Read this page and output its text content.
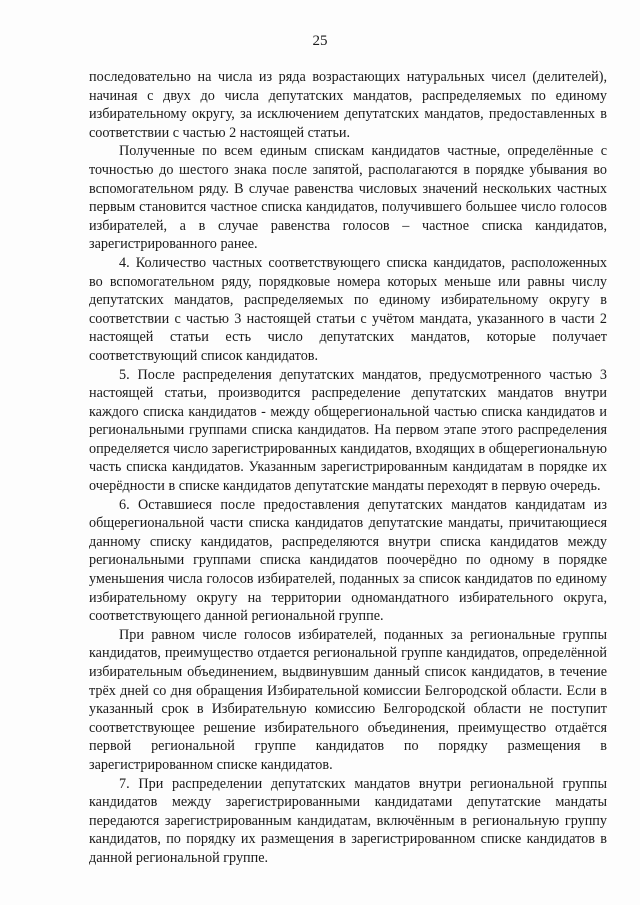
25

последовательно на числа из ряда возрастающих натуральных чисел (делителей), начиная с двух до числа депутатских мандатов, распределяемых по единому избирательному округу, за исключением депутатских мандатов, предоставленных в соответствии с частью 2 настоящей статьи.

Полученные по всем единым спискам кандидатов частные, определённые с точностью до шестого знака после запятой, располагаются в порядке убывания во вспомогательном ряду. В случае равенства числовых значений нескольких частных первым становится частное списка кандидатов, получившего большее число голосов избирателей, а в случае равенства голосов – частное списка кандидатов, зарегистрированного ранее.

4. Количество частных соответствующего списка кандидатов, расположенных во вспомогательном ряду, порядковые номера которых меньше или равны числу депутатских мандатов, распределяемых по единому избирательному округу в соответствии с частью 3 настоящей статьи с учётом мандата, указанного в части 2 настоящей статьи есть число депутатских мандатов, которые получает соответствующий список кандидатов.

5. После распределения депутатских мандатов, предусмотренного частью 3 настоящей статьи, производится распределение депутатских мандатов внутри каждого списка кандидатов - между общерегиональной частью списка кандидатов и региональными группами списка кандидатов. На первом этапе этого распределения определяется число зарегистрированных кандидатов, входящих в общерегиональную часть списка кандидатов. Указанным зарегистрированным кандидатам в порядке их очерёдности в списке кандидатов депутатские мандаты переходят в первую очередь.

6. Оставшиеся после предоставления депутатских мандатов кандидатам из общерегиональной части списка кандидатов депутатские мандаты, причитающиеся данному списку кандидатов, распределяются внутри списка кандидатов между региональными группами списка кандидатов поочерёдно по одному в порядке уменьшения числа голосов избирателей, поданных за список кандидатов по единому избирательному округу на территории одномандатного избирательного округа, соответствующего данной региональной группе.

При равном числе голосов избирателей, поданных за региональные группы кандидатов, преимущество отдается региональной группе кандидатов, определённой избирательным объединением, выдвинувшим данный список кандидатов, в течение трёх дней со дня обращения Избирательной комиссии Белгородской области. Если в указанный срок в Избирательную комиссию Белгородской области не поступит соответствующее решение избирательного объединения, преимущество отдаётся первой региональной группе кандидатов по порядку размещения в зарегистрированном списке кандидатов.

7. При распределении депутатских мандатов внутри региональной группы кандидатов между зарегистрированными кандидатами депутатские мандаты передаются зарегистрированным кандидатам, включённым в региональную группу кандидатов, по порядку их размещения в зарегистрированном списке кандидатов в данной региональной группе.
